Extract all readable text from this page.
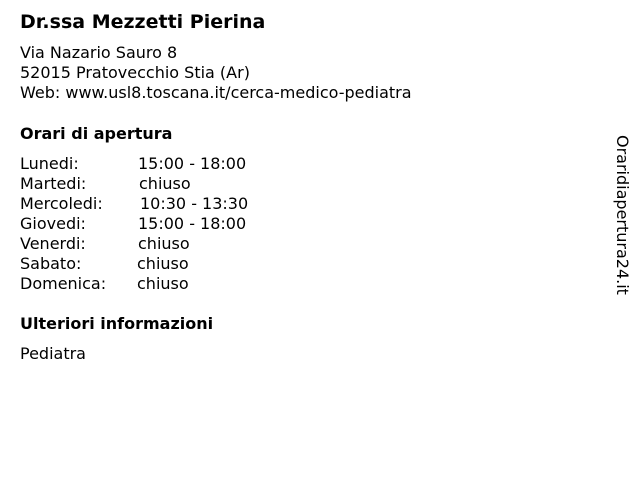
Dr.ssa Mezzetti Pierina
Via Nazario Sauro 8
52015 Pratovecchio Stia (Ar)
Web: www.usl8.toscana.it/cerca-medico-pediatra
Orari di apertura
Lunedi:	15:00 - 18:00
Martedi:	chiuso
Mercoledi: 10:30 - 13:30
Giovedi:	15:00 - 18:00
Venerdi:	chiuso
Sabato:	chiuso
Domenica: chiuso
Ulteriori informazioni
Pediatra
Oraridiapertura24.it
